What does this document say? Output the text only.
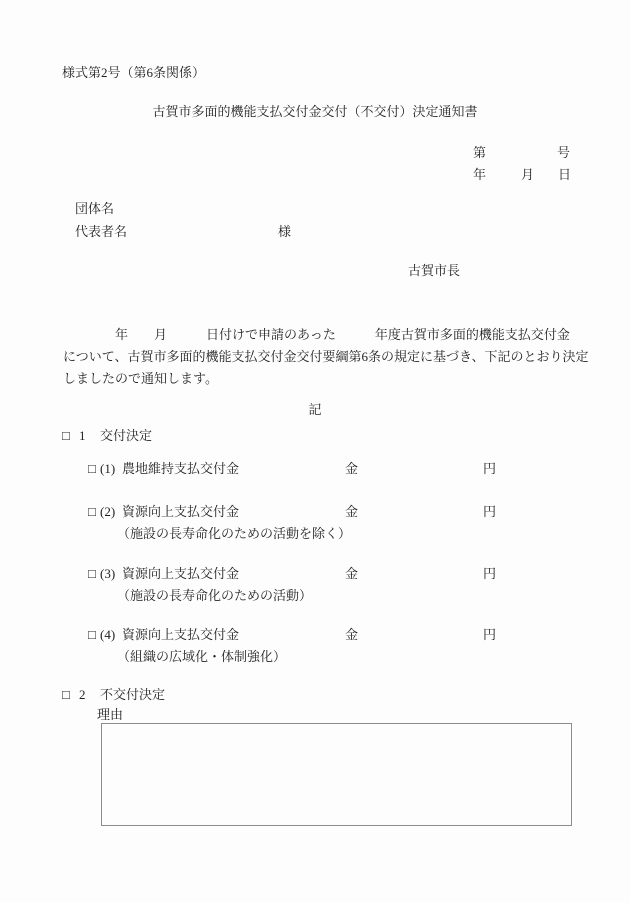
様式第2号（第6条関係）
古賀市多面的機能支払交付金交付（不交付）決定通知書
第	号
年	月 日
団体名
代表者名	様
古賀市長
　　　　年　　月　　　日付けで申請のあった　　　年度古賀市多面的機能支払交付金
について、古賀市多面的機能支払交付金交付要綱第6条の規定に基づき、下記のとおり決定
しましたので通知します。
記
□ 1 交付決定
□ (1) 農地維持支払交付金	金	円
□ (2) 資源向上支払交付金	金	円
（施設の長寿命化のための活動を除く）
□ (3) 資源向上支払交付金	金	円
（施設の長寿命化のための活動）
□ (4) 資源向上支払交付金	金	円
（組織の広域化・体制強化）
□ 2 不交付決定
理由
